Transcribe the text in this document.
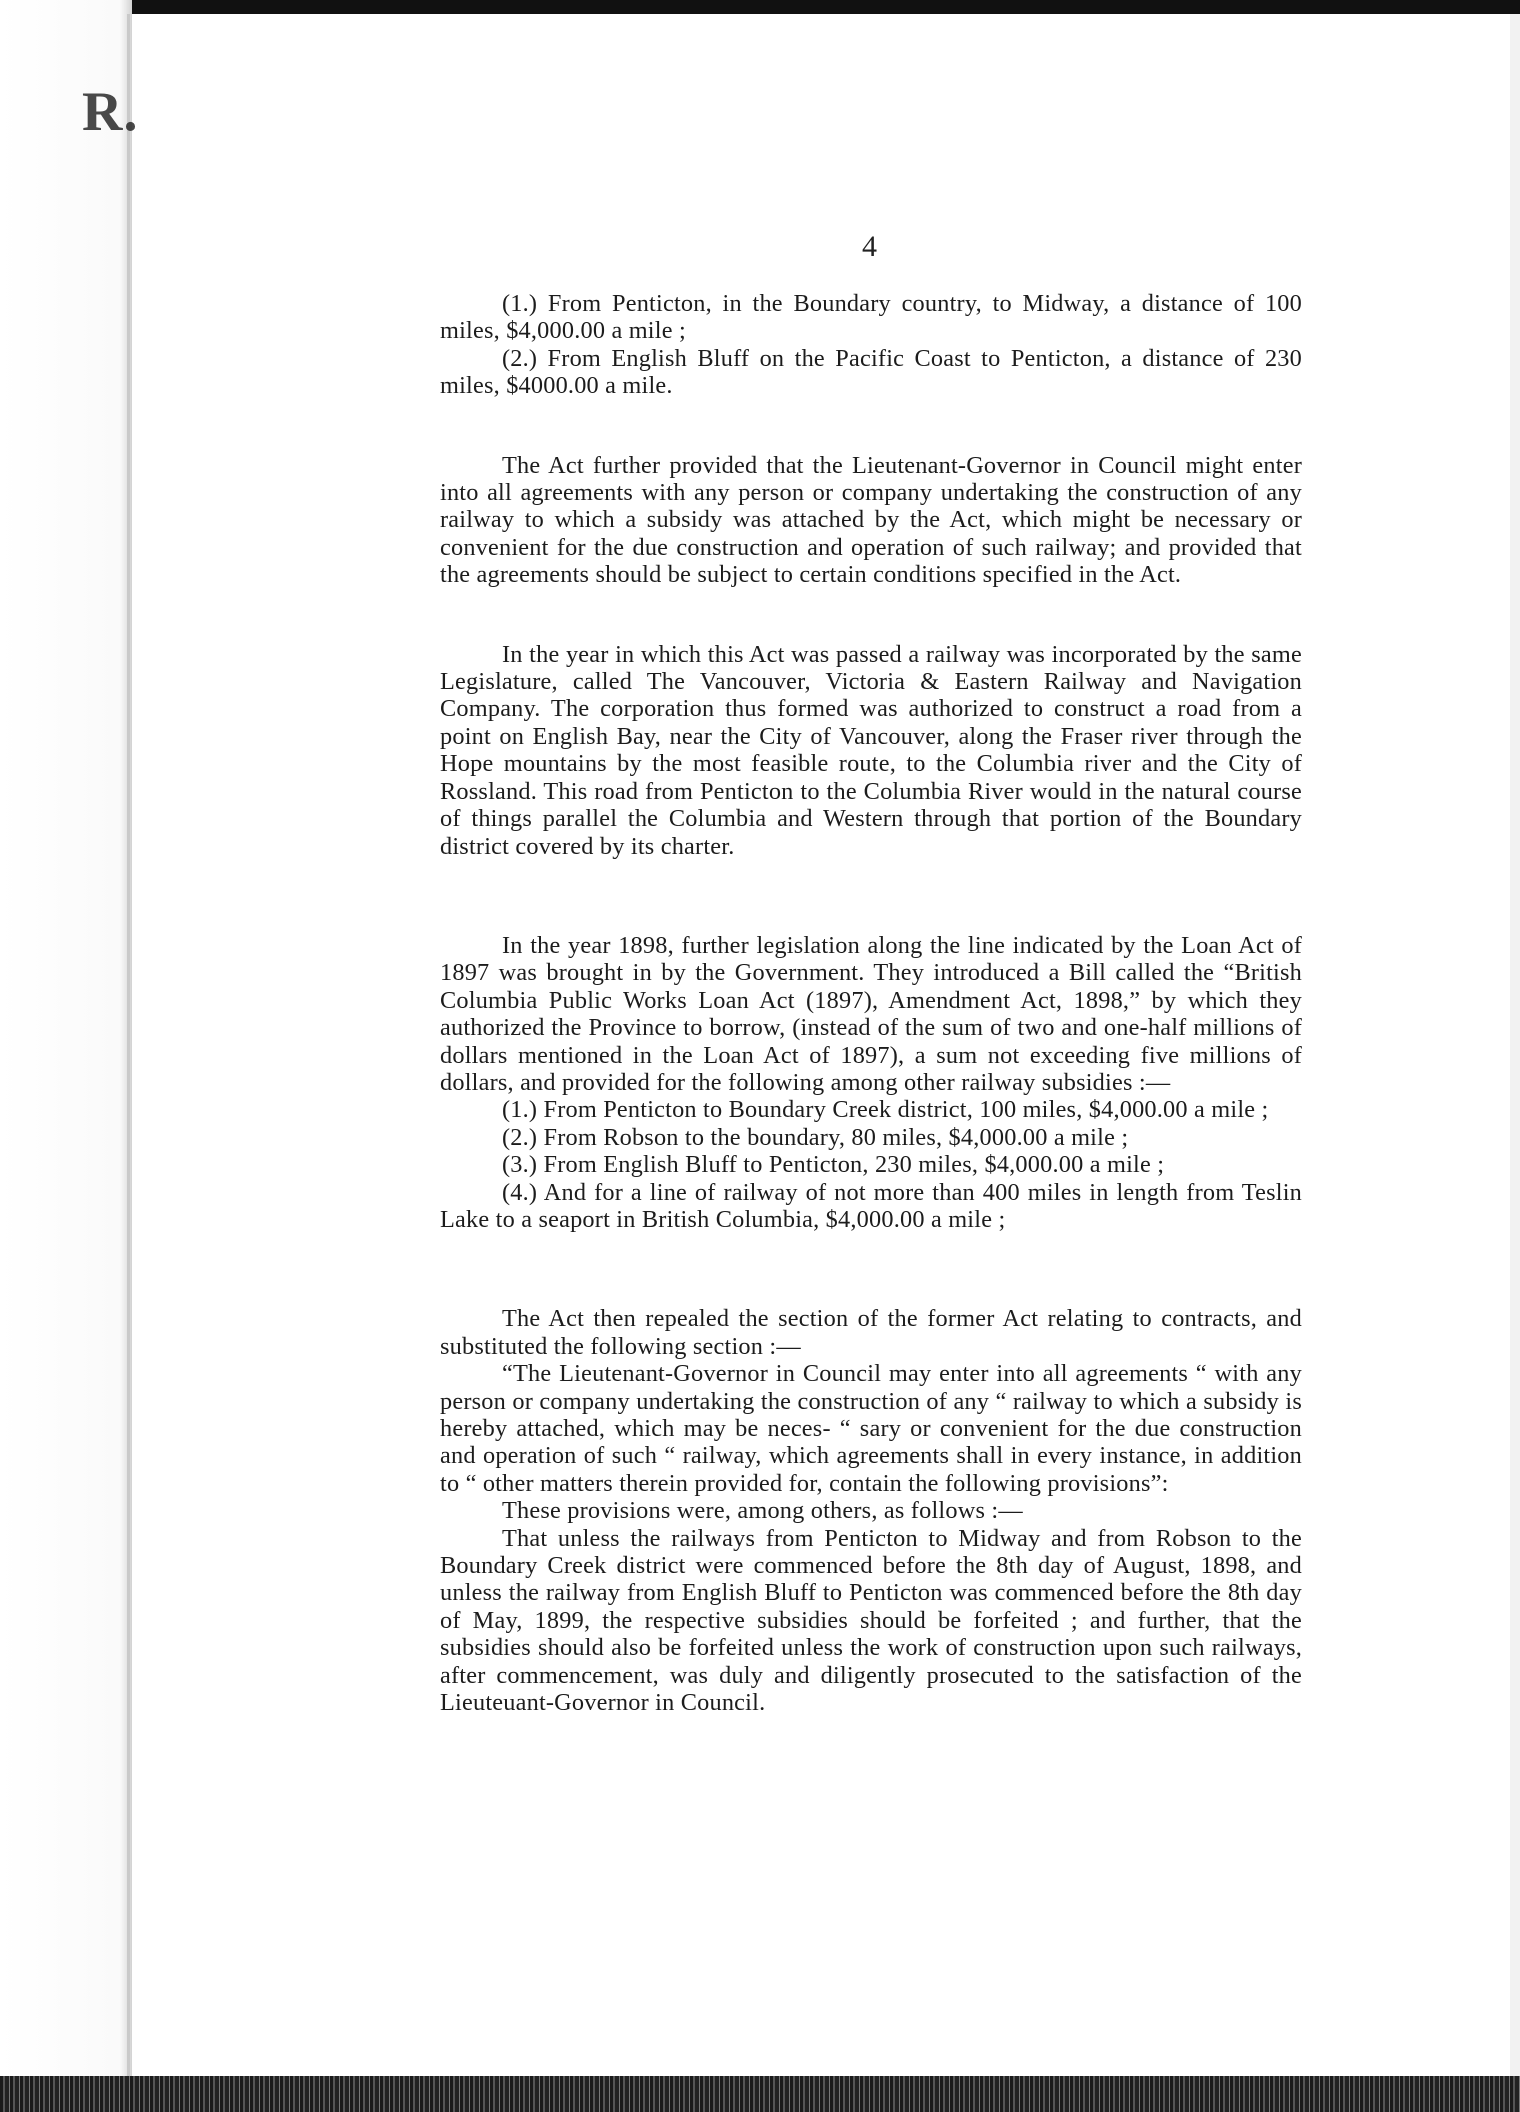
R.
4

(1.) From Penticton, in the Boundary country, to Midway, a distance of 100 miles, $4,000.00 a mile ;

(2.) From English Bluff on the Pacific Coast to Penticton, a distance of 230 miles, $4000.00 a mile.

The Act further provided that the Lieutenant-Governor in Council might enter into all agreements with any person or company undertaking the construction of any railway to which a subsidy was attached by the Act, which might be necessary or convenient for the due construction and operation of such railway; and provided that the agreements should be subject to certain conditions specified in the Act.

In the year in which this Act was passed a railway was incorporated by the same Legislature, called The Vancouver, Victoria & Eastern Railway and Navigation Company. The corporation thus formed was authorized to construct a road from a point on English Bay, near the City of Vancouver, along the Fraser river through the Hope mountains by the most feasible route, to the Columbia river and the City of Rossland. This road from Penticton to the Columbia River would in the natural course of things parallel the Columbia and Western through that portion of the Boundary district covered by its charter.

In the year 1898, further legislation along the line indicated by the Loan Act of 1897 was brought in by the Government. They introduced a Bill called the “British Columbia Public Works Loan Act (1897), Amendment Act, 1898,” by which they authorized the Province to borrow, (instead of the sum of two and one-half millions of dollars mentioned in the Loan Act of 1897), a sum not exceeding five millions of dollars, and provided for the following among other railway subsidies :—

(1.) From Penticton to Boundary Creek district, 100 miles, $4,000.00 a mile ;

(2.) From Robson to the boundary, 80 miles, $4,000.00 a mile ;

(3.) From English Bluff to Penticton, 230 miles, $4,000.00 a mile ;

(4.) And for a line of railway of not more than 400 miles in length from Teslin Lake to a seaport in British Columbia, $4,000.00 a mile ;

The Act then repealed the section of the former Act relating to contracts, and substituted the following section :—

“The Lieutenant-Governor in Council may enter into all agreements “ with any person or company undertaking the construction of any “ railway to which a subsidy is hereby attached, which may be neces- “ sary or convenient for the due construction and operation of such “ railway, which agreements shall in every instance, in addition to “ other matters therein provided for, contain the following provisions”:

These provisions were, among others, as follows :—

That unless the railways from Penticton to Midway and from Robson to the Boundary Creek district were commenced before the 8th day of August, 1898, and unless the railway from English Bluff to Penticton was commenced before the 8th day of May, 1899, the respective subsidies should be forfeited ; and further, that the subsidies should also be forfeited unless the work of construction upon such railways, after commencement, was duly and diligently prosecuted to the satisfaction of the Lieuteuant-Governor in Council.
